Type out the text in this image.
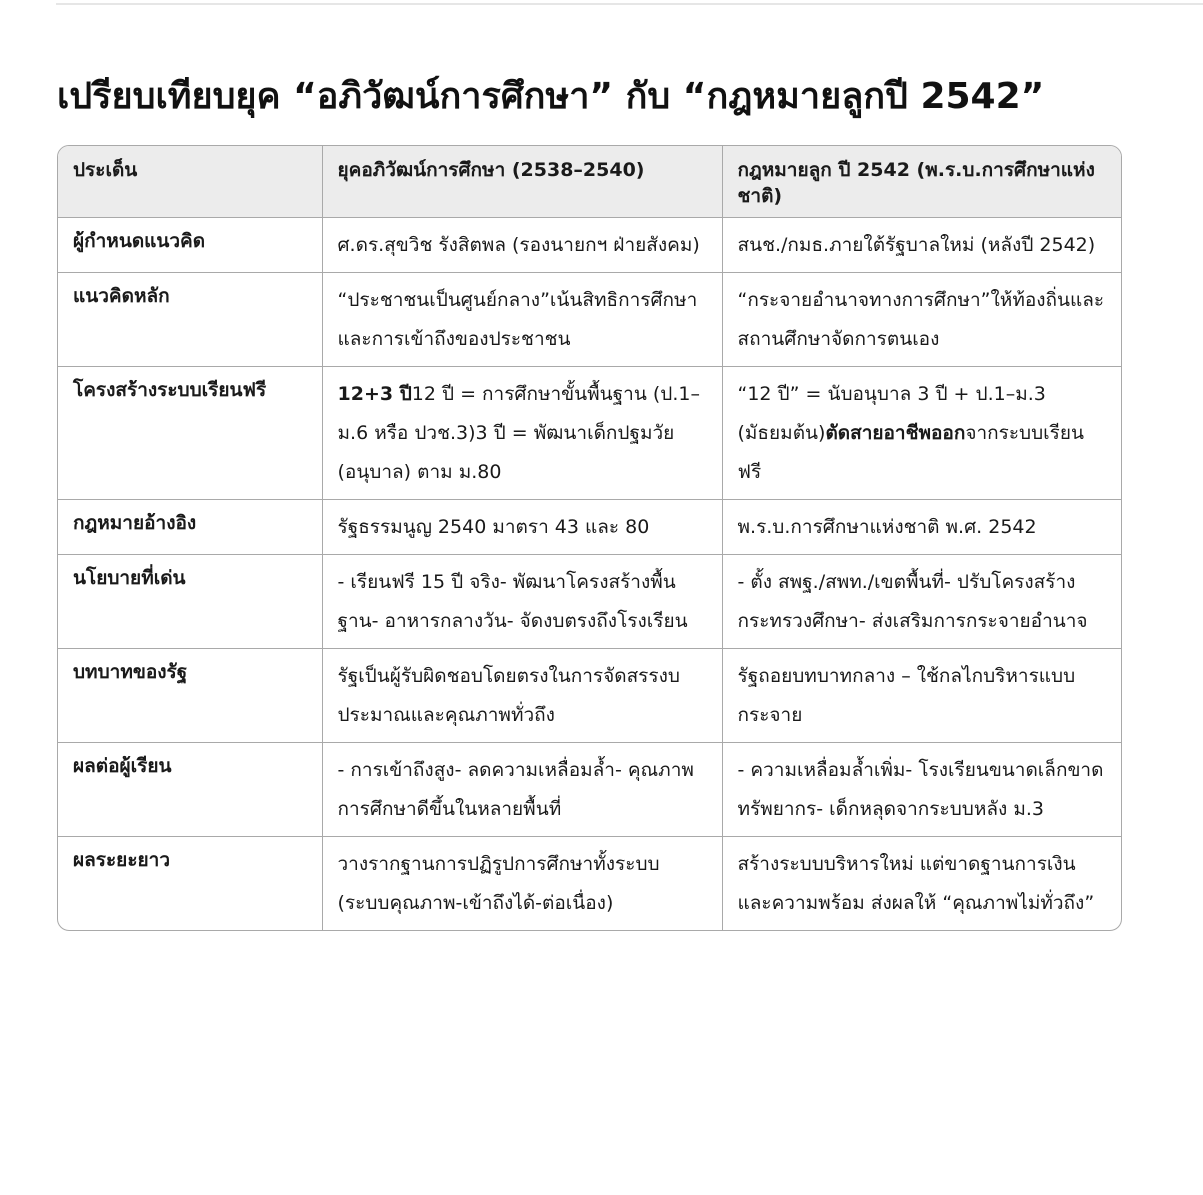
เปรียบเทียบยุค “อภิวัฒน์การศึกษา” กับ “กฎหมายลูกปี 2542”
ประเด็น	ยุคอภิวัฒน์การศึกษา (2538–2540)	กฎหมายลูก ปี 2542 (พ.ร.บ.การศึกษาแห่งชาติ)
ผู้กำหนดแนวคิด	ศ.ดร.สุขวิช รังสิตพล (รองนายกฯ ฝ่ายสังคม)	สนช./กมธ.ภายใต้รัฐบาลใหม่ (หลังปี 2542)
แนวคิดหลัก	“ประชาชนเป็นศูนย์กลาง”เน้นสิทธิการศึกษาและการเข้าถึงของประชาชน	“กระจายอำนาจทางการศึกษา”ให้ท้องถิ่นและสถานศึกษาจัดการตนเอง
โครงสร้างระบบเรียนฟรี	12+3 ปี12 ปี = การศึกษาขั้นพื้นฐาน (ป.1–ม.6 หรือ ปวช.3)3 ปี = พัฒนาเด็กปฐมวัย (อนุบาล) ตาม ม.80	“12 ปี” = นับอนุบาล 3 ปี + ป.1–ม.3 (มัธยมต้น)ตัดสายอาชีพออกจากระบบเรียนฟรี
กฎหมายอ้างอิง	รัฐธรรมนูญ 2540 มาตรา 43 และ 80	พ.ร.บ.การศึกษาแห่งชาติ พ.ศ. 2542
นโยบายที่เด่น	- เรียนฟรี 15 ปี จริง- พัฒนาโครงสร้างพื้นฐาน- อาหารกลางวัน- จัดงบตรงถึงโรงเรียน	- ตั้ง สพฐ./สพท./เขตพื้นที่- ปรับโครงสร้างกระทรวงศึกษา- ส่งเสริมการกระจายอำนาจ
บทบาทของรัฐ	รัฐเป็นผู้รับผิดชอบโดยตรงในการจัดสรรงบประมาณและคุณภาพทั่วถึง	รัฐถอยบทบาทกลาง – ใช้กลไกบริหารแบบกระจาย
ผลต่อผู้เรียน	- การเข้าถึงสูง- ลดความเหลื่อมล้ำ- คุณภาพการศึกษาดีขึ้นในหลายพื้นที่	- ความเหลื่อมล้ำเพิ่ม- โรงเรียนขนาดเล็กขาดทรัพยากร- เด็กหลุดจากระบบหลัง ม.3
ผลระยะยาว	วางรากฐานการปฏิรูปการศึกษาทั้งระบบ (ระบบคุณภาพ-เข้าถึงได้-ต่อเนื่อง)	สร้างระบบบริหารใหม่ แต่ขาดฐานการเงินและความพร้อม ส่งผลให้ “คุณภาพไม่ทั่วถึง”
